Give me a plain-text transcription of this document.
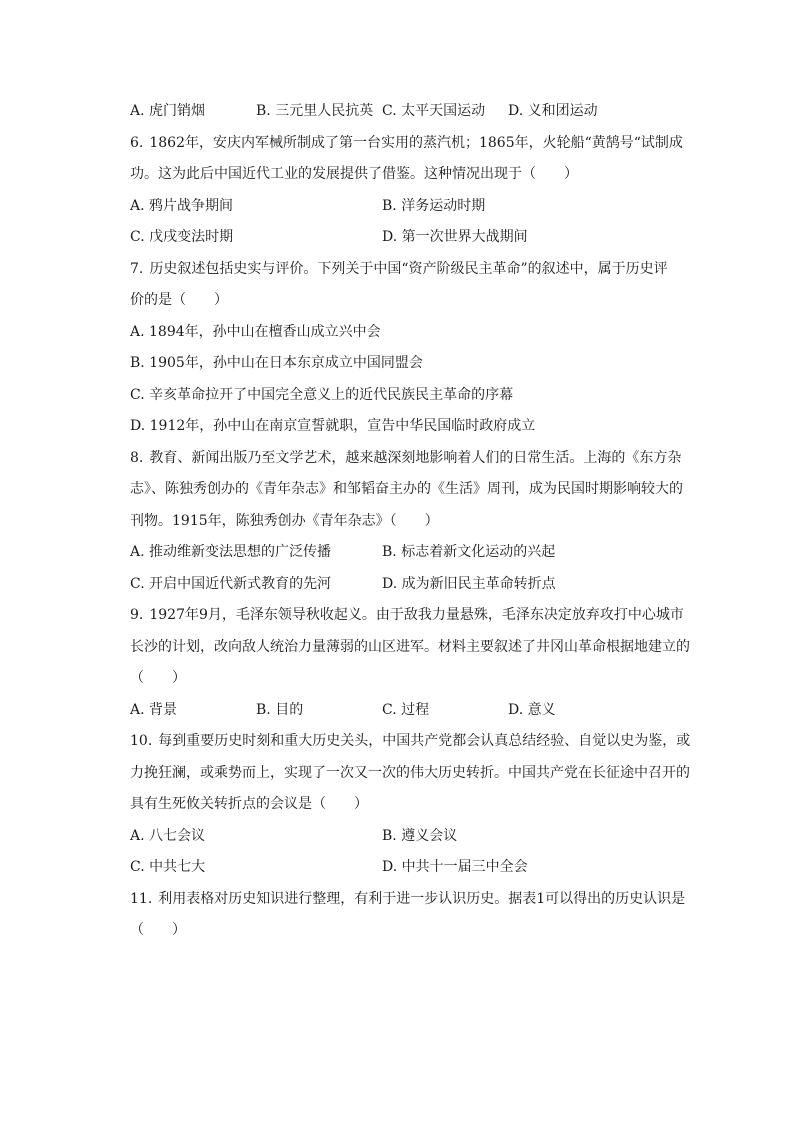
A. 虎门销烟	B. 三元里人民抗英 C. 太平天国运动 D. 义和团运动
6. 1862年，安庆内军械所制成了第一台实用的蒸汽机；1865年，火轮船“黄鹄号“试制成
功。这为此后中国近代工业的发展提供了借鉴。这种情况出现于（　　）
A. 鸦片战争期间	B. 洋务运动时期
C. 戊戌变法时期	D. 第一次世界大战期间
7. 历史叙述包括史实与评价。下列关于中国“资产阶级民主革命”的叙述中，属于历史评
价的是（　　）
A. 1894年，孙中山在檀香山成立兴中会
B. 1905年，孙中山在日本东京成立中国同盟会
C. 辛亥革命拉开了中国完全意义上的近代民族民主革命的序幕
D. 1912年，孙中山在南京宣誓就职，宣告中华民国临时政府成立
8. 教育、新闻出版乃至文学艺术，越来越深刻地影响着人们的日常生活。上海的《东方杂
志》、陈独秀创办的《青年杂志》和邹韬奋主办的《生活》周刊，成为民国时期影响较大的
刊物。1915年，陈独秀创办《青年杂志》（　　）
A. 推动维新变法思想的广泛传播	B. 标志着新文化运动的兴起
C. 开启中国近代新式教育的先河	D. 成为新旧民主革命转折点
9. 1927年9月，毛泽东领导秋收起义。由于敌我力量悬殊，毛泽东决定放弃攻打中心城市
长沙的计划，改向敌人统治力量薄弱的山区进军。材料主要叙述了井冈山革命根据地建立的
（　　）
A. 背景	B. 目的	C. 过程	D. 意义
10. 每到重要历史时刻和重大历史关头，中国共产党都会认真总结经验、自觉以史为鉴，或
力挽狂澜，或乘势而上，实现了一次又一次的伟大历史转折。中国共产党在长征途中召开的
具有生死攸关转折点的会议是（　　）
A. 八七会议	B. 遵义会议
C. 中共七大	D. 中共十一届三中全会
11. 利用表格对历史知识进行整理，有利于进一步认识历史。据表1可以得出的历史认识是
（　　）
